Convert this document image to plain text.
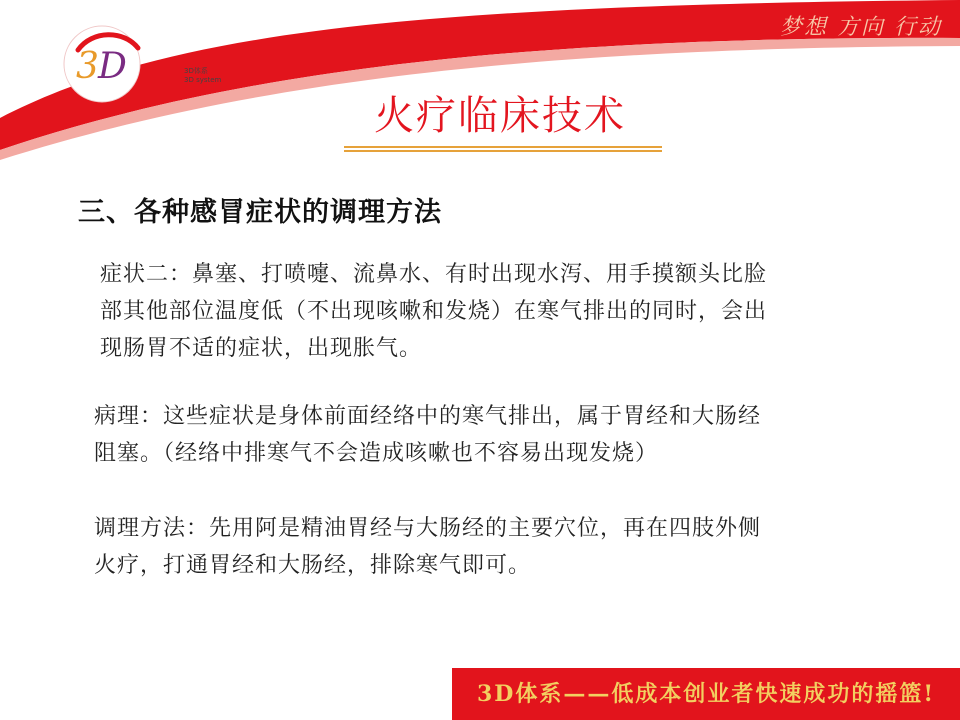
梦想 方向 行动
3 D	3D体系
3D system
火疗临床技术
三、各种感冒症状的调理方法
症状二：鼻塞、打喷嚏、流鼻水、有时出现水泻、用手摸额头比脸
部其他部位温度低（不出现咳嗽和发烧）在寒气排出的同时，会出
现肠胃不适的症状，出现胀气。
病理：这些症状是身体前面经络中的寒气排出，属于胃经和大肠经
阻塞。（经络中排寒气不会造成咳嗽也不容易出现发烧）
调理方法：先用阿是精油胃经与大肠经的主要穴位，再在四肢外侧
火疗，打通胃经和大肠经，排除寒气即可。
3D体系——低成本创业者快速成功的摇篮!
